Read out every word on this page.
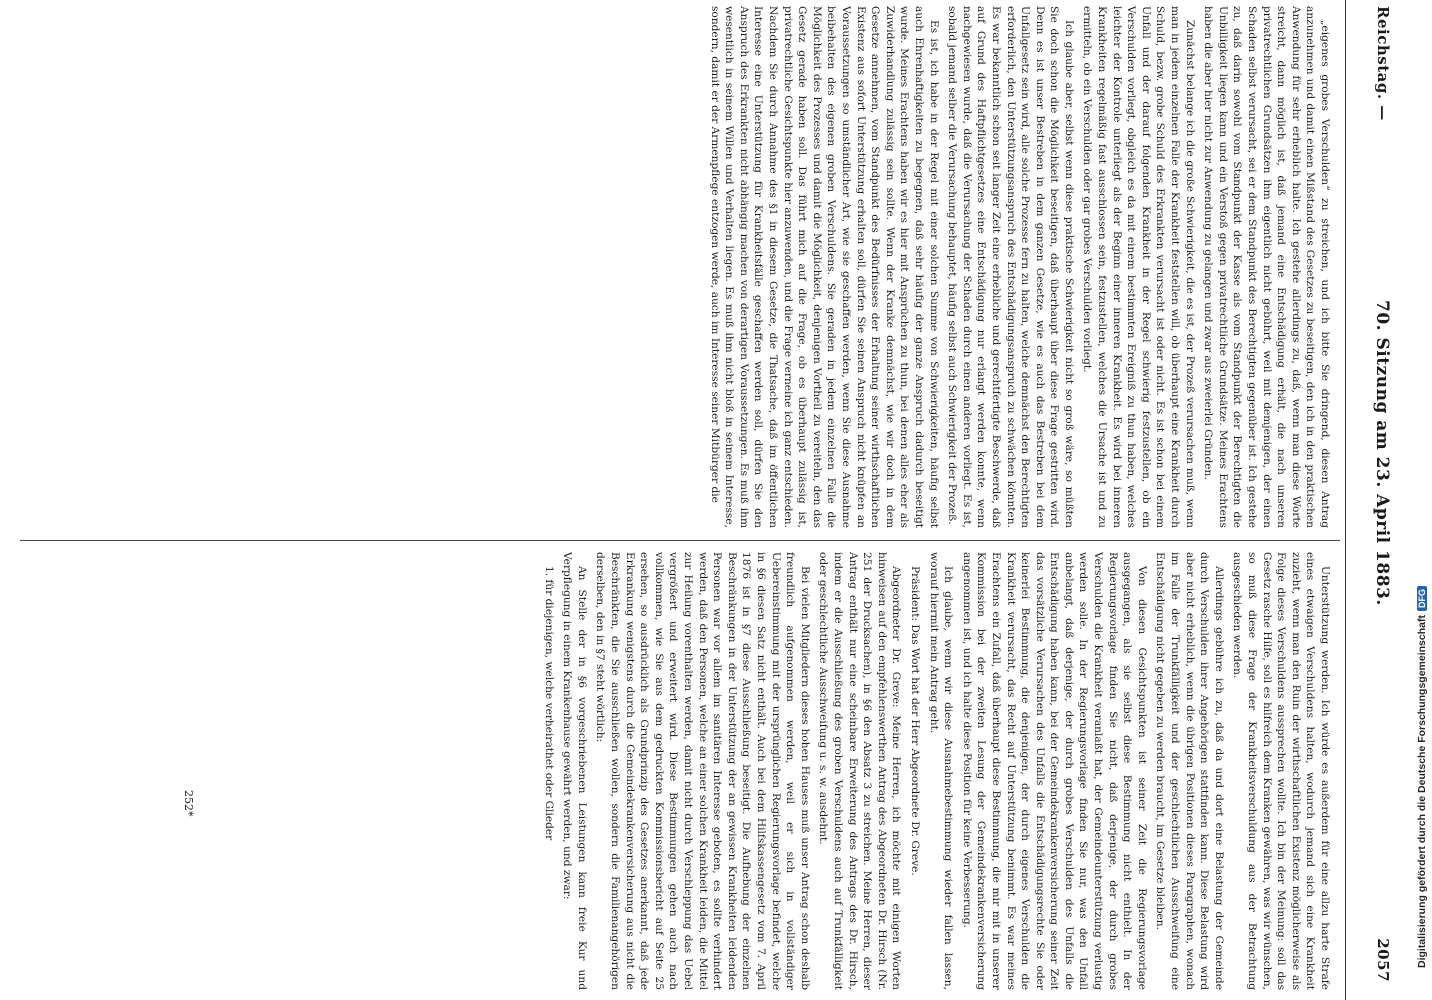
Reichstag. —
70. Sitzung am 23. April 1883.
2057

„eigenes grobes Verschulden“ zu streichen, und ich bitte Sie dringend, diesen Antrag anzunehmen und damit einen Mißstand des Gesetzes zu beseitigen, den ich in den praktischen Anwendung für sehr erheblich halte. Ich gestehe allerdings zu, daß, wenn man diese Worte streicht, dann möglich ist, daß jemand eine Entschädigung erhält, die nach unseren privatrechtlichen Grundsätzen ihm eigentlich nicht gebührt, weil mit demjenigen, der einen Schaden selbst verursacht, sei er dem Standpunkt des Berechtigten gegenüber ist. Ich gestehe zu, daß darin sowohl vom Standpunkt der Kasse als vom Standpunkt der Berechtigten die Unbilligkeit liegen kann und ein Verstoß gegen privatrechtliche Grundsätze. Meines Erachtens haben die aber hier nicht zur Anwendung zu gelangen und zwar aus zweierlei Gründen.

Zunächst belange ich die große Schwierigkeit, die es ist, der Prozeß verursachen muß, wenn man in jedem einzelnen Falle der Krankheit feststellen will, ob überhaupt eine Krankheit durch Schuld, bezw. grobe Schuld des Erkrankten verursacht ist oder nicht. Es ist schon bei einem Unfall und der darauf folgenden Krankheit in der Regel schwierig festzustellen, ob ein Verschulden vorliegt, obgleich es da mit einem bestimmten Ereigniß zu thun haben, welches leichter der Kontrole unterliegt als der Beginn einer inneren Krankheit. Es wird bei inneren Krankheiten regelmäßig fast ausschlossen sein, festzustellen, welches die Ursache ist und zu ermitteln, ob ein Verschulden oder gar grobes Verschulden vorliegt.

Ich glaube aber, selbst wenn diese praktische Schwierigkeit nicht so groß wäre, so müßten Sie doch schon die Möglichkeit beseitigen, daß überhaupt über diese Frage gestritten wird. Denn es ist unser Bestreben in dem ganzen Gesetze, wie es auch das Bestreben bei dem Unfallgesetz sein wird, alle solche Prozesse fern zu halten, welche demnächst den Berechtigten erforderlich, den Unterstützungsanspruch des Entschädigungsanspruch zu schwächen könnten. Es war bekanntlich schon seit langer Zeit eine erhebliche und gerechtfertigte Beschwerde, daß auf Grund des Haftpflichtgesetzes eine Entschädigung nur erlangt werden konnte, wenn nachgewiesen wurde, daß die Verursachung der Schaden durch einen anderen vorliegt. Es ist, sobald jemand selber die Verursachung behauptet, häufig selbst auch Schwierigkeit der Prozeß.

Es ist, ich habe in der Regel mit einer solchen Summe von Schwierigkeiten, häufig selbst auch Ehrenhaftigkeiten zu begegnen, daß sehr häufig der ganze Anspruch dadurch beseitigt wurde. Meines Erachtens haben wir es hier mit Ansprüchen zu thun, bei denen alles eher als Zuwiderhandlung zulässig sein sollte. Wenn der Kranke demnächst, wie wir doch in dem Gesetze annehmen, vom Standpunkt des Bedürfnisses der Erhaltung seiner wirthschaftlichen Existenz aus sofort Unterstützung erhalten soll, dürfen Sie seinen Anspruch nicht knüpfen an Voraussetzungen so umständlicher Art, wie sie geschaffen werden, wenn Sie diese Ausnahme beibehalten des eigenen groben Verschuldens. Sie geraden in jedem einzelnen Falle die Möglichkeit des Prozesses und damit die Möglichkeit, denjenigen Vortheil zu vereiteln, den das Gesetz gerade haben soll. Das führt mich auf die Frage, ob es überhaupt zulässig ist, privatrechtliche Gesichtspunkte hier anzuwenden, und die Frage verneine ich ganz entschieden. Nachdem Sie durch Annahme des §1 in diesem Gesetze, die Thatsache, daß im öffentlichen Interesse eine Unterstützung für Krankheitsfälle geschaffen werden soll, dürfen Sie den Anspruch des Erkrankten nicht abhängig machen von derartigen Voraussetzungen. Es muß ihm wesentlich in seinem Willen und Verhalten liegen. Es muß ihm nicht bloß in seinem Interesse, sondern, damit er der Armenpflege entzogen werde, auch im Interesse seiner Mitbürger die

Unterstützung werden. Ich würde es außerdem für eine allzu harte Strafe eines etwaigen Verschuldens halten, wodurch jemand sich eine Krankheit zuzieht, wenn man den Ruin der wirthschaftlichen Existenz möglicherweise als Folge dieses Verschuldens aussprechen wollte. Ich bin der Meinung: soll das Gesetz rasche Hilfe, soll es hilfreich dem Kranken gewähren, was wir wünschen, so muß diese Frage der Krankheitsverschuldung aus der Betrachtung ausgeschieden werden.

Allerdings gebühre ich zu, daß da und dort eine Belastung der Gemeinde durch Verschulden ihrer Angehörigen stattfinden kann. Diese Belastung wird aber nicht erheblich, wenn die übrigen Positionen dieses Paragraphen, wonach im Falle der Trunkfälligkeit und der geschlechtlichen Ausschweifung eine Entschädigung nicht gegeben zu werden braucht, im Gesetze bleiben.

Von diesen Gesichtspunkten ist seiner Zeit die Regierungsvorlage ausgegangen, als sie selbst diese Bestimmung nicht enthielt. In der Regierungsvorlage finden Sie nicht, daß derjenige, der durch grobes Verschulden die Krankheit veranlaßt hat, der Gemeindeunterstützung verlustig werden solle. In der Regierungsvorlage finden Sie nur, was den Unfall anbelangt, daß derjenige, der durch grobes Verschulden des Unfalls die Entschädigung haben kann, bei der Gemeindekrankenversicherung seiner Zeit das vorsätzliche Verursachen des Unfalls die Entschädigungsrechte Sie oder keinerlei Bestimmung, die denjenigen, der durch eigenes Verschulden die Krankheit verursacht, das Recht auf Unterstützung benimmt. Es war meines Erachtens ein Zufall, daß überhaupt diese Bestimmung, die mir mit in unserer Kommission bei der zweiten Lesung der Gemeindekrankenversicherung angenommen ist, und ich halte diese Position für keine Verbesserung.

Ich glaube, wenn wir diese Ausnahmebestimmung wieder fallen lassen, worauf hiermit mein Antrag geht.

Präsident: Das Wort hat der Herr Abgeordnete Dr. Greve.

Abgeordneter Dr. Greve: Meine Herren, ich möchte mit einigen Worten hinweisen auf den empfehlenswerthen Antrag des Abgeordneten Dr. Hirsch (Nr. 251 der Drucksachen), in §6 den Absatz 3 zu streichen. Meine Herren, dieser Antrag enthält nur eine scheinbare Erweiterung des Antrags des Dr. Hirsch, indem er die Ausschließung des groben Verschuldens auch auf Trunkfälligkeit oder geschlechtliche Ausschweifung u. s. w. ausdehnt.

Bei vielen Mitgliedern dieses hohen Hauses muß unser Antrag schon deshalb freundlich aufgenommen werden, weil er sich in vollständiger Uebereinstimmung mit der ursprünglichen Regierungsvorlage befindet, welche in §6 diesen Satz nicht enthält. Auch bei dem Hilfskassengesetz vom 7. April 1876 ist in §7 diese Ausschließung beseitigt. Die Aufhebung der einzelnen Beschränkungen in der Unterstützung der an gewissen Krankheiten leidenden Personen war vor allem im sanitären Interesse geboten, es sollte verhindert werden, daß den Personen, welche an einer solchen Krankheit leiden, die Mittel zur Heilung vorenthalten werden, damit nicht durch Verschleppung das Uebel vergrößert und erweitert wird. Diese Bestimmungen gehen auch nach vollkommen, wie Sie aus dem gedruckten Kommissionsbericht auf Seite 25 ersehen, so ausdrücklich als Grundprinzip des Gesetzes anerkannt, daß jede Erkrankung wenigstens durch die Gemeindekrankenversicherung aus nicht die Beschränkten, die Sie ausschließen wollen, sondern die Familienangehörigen derselben, den in §7 steht wörtlich:

An Stelle der in §6 vorgeschriebenen Leistungen kann freie Kur und Verpflegung in einem Krankenhause gewährt werden, und zwar:

1. für diejenigen, welche verheirathet oder Glieder

252*	Digitalisierung gefördert durch die Deutsche ForschungsgemeinschaftDFG
